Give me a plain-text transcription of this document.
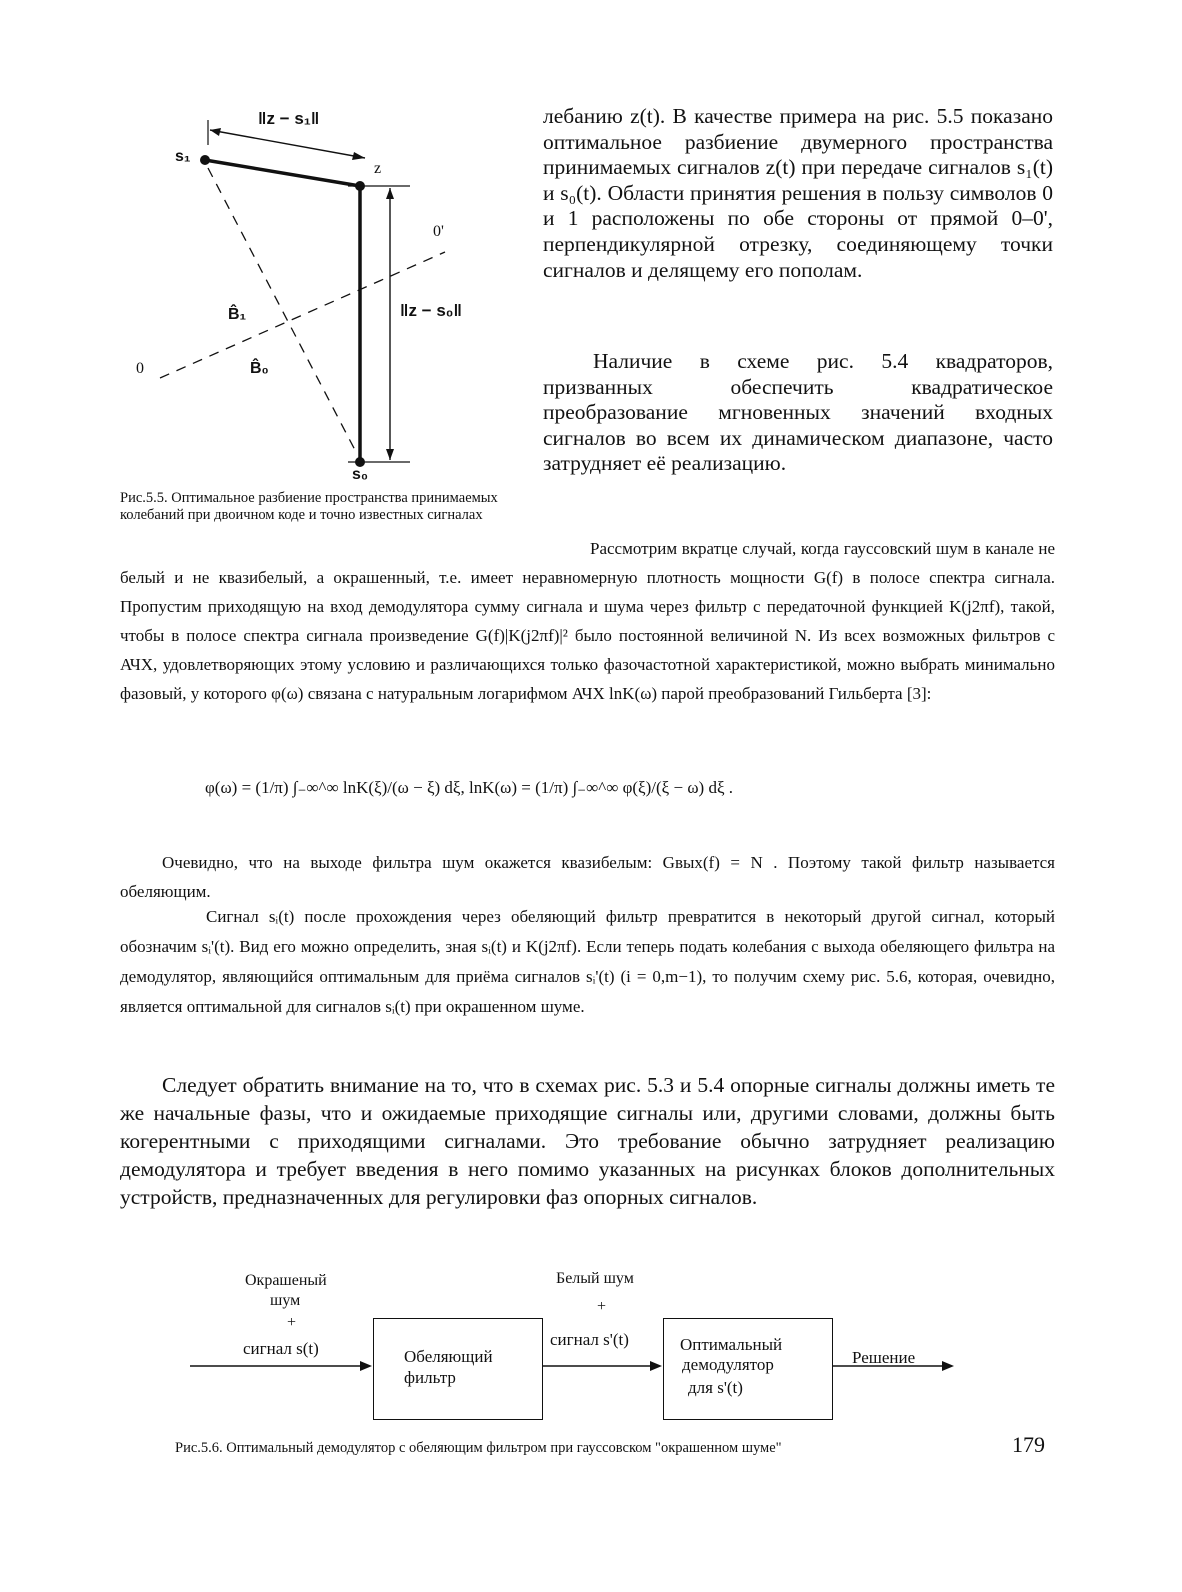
‖z − s₁‖
s₁
z
0'
‖z − s₀‖
B̂₁
B̂₀
0
s₀
Рис.5.5. Оптимальное разбиение пространства принимаемых колебаний при двоичном коде и точно известных сигналах
лебанию z(t). В качестве примера на рис. 5.5 показано оптимальное разбиение двумерного пространства принимаемых сигналов z(t) при передаче сигналов s₁(t) и s₀(t). Области принятия решения в пользу символов 0 и 1 расположены по обе стороны от прямой 0–0', перпендикулярной отрезку, соединяющему точки сигналов и делящему его пополам.
Наличие в схеме рис. 5.4 квадраторов, призванных обеспечить квадратическое преобразование мгновенных значений входных сигналов во всем их динамическом диапазоне, часто затрудняет её реализацию.
Рассмотрим вкратце случай, когда гауссовский шум в канале не белый и не квазибелый, а окрашенный, т.е. имеет неравномерную плотность мощности G(f) в полосе спектра сигнала. Пропустим приходящую на вход демодулятора сумму сигнала и шума через фильтр с передаточной функцией K(j2πf), такой, чтобы в полосе спектра сигнала произведение G(f)|K(j2πf)|² было постоянной величиной N. Из всех возможных фильтров с АЧХ, удовлетворяющих этому условию и различающихся только фазочастотной характеристикой, можно выбрать минимально фазовый, у которого φ(ω) связана с натуральным логарифмом АЧХ lnK(ω) парой преобразований Гильберта [3]:
φ(ω) = (1/π) ∫₋∞^∞ lnK(ξ)/(ω − ξ) dξ, lnK(ω) = (1/π) ∫₋∞^∞ φ(ξ)/(ξ − ω) dξ .
Очевидно, что на выходе фильтра шум окажется квазибелым: Gвых(f) = N . Поэтому такой фильтр называется обеляющим.
Сигнал sᵢ(t) после прохождения через обеляющий фильтр превратится в некоторый другой сигнал, который обозначим sᵢ'(t). Вид его можно определить, зная sᵢ(t) и K(j2πf). Если теперь подать колебания с выхода обеляющего фильтра на демодулятор, являющийся оптимальным для приёма сигналов sᵢ'(t) (i = 0,m−1), то получим схему рис. 5.6, которая, очевидно, является оптимальной для сигналов sᵢ(t) при окрашенном шуме.
Следует обратить внимание на то, что в схемах рис. 5.3 и 5.4 опорные сигналы должны иметь те же начальные фазы, что и ожидаемые приходящие сигналы или, другими словами, должны быть когерентными с приходящими сигналами. Это требование обычно затрудняет реализацию демодулятора и требует введения в него помимо указанных на рисунках блоков дополнительных устройств, предназначенных для регулировки фаз опорных сигналов.
Окрашеный
шум
+
сигнал s(t)
Белый шум
+
сигнал s'(t)
Обеляющий
фильтр
Оптимальный
демодулятор
для s'(t)
Решение
Рис.5.6. Оптимальный демодулятор с обеляющим фильтром при гауссовском "окрашенном шуме"	179
